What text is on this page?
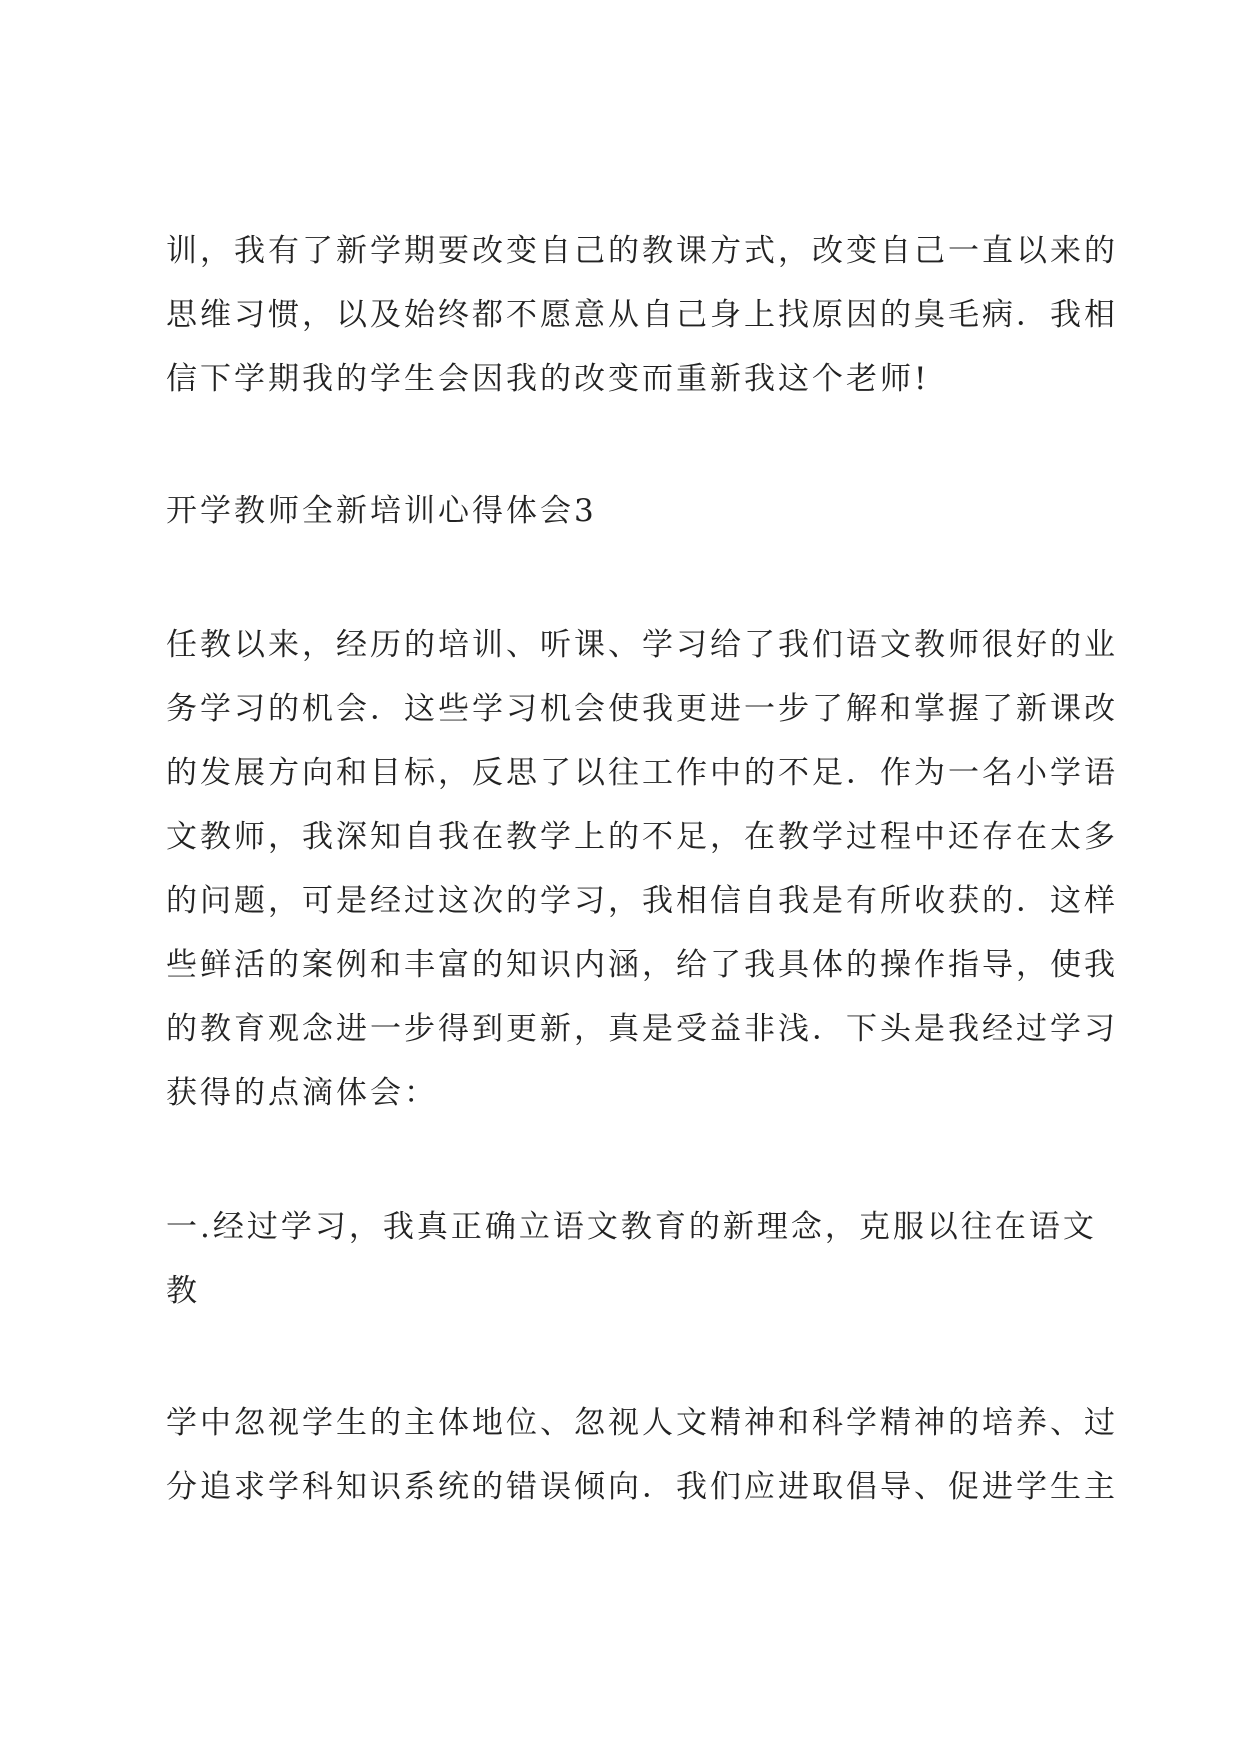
训，我有了新学期要改变自己的教课方式，改变自己一直以来的
思维习惯，以及始终都不愿意从自己身上找原因的臭毛病．我相
信下学期我的学生会因我的改变而重新我这个老师!
开学教师全新培训心得体会3
任教以来，经历的培训、听课、学习给了我们语文教师很好的业
务学习的机会．这些学习机会使我更进一步了解和掌握了新课改
的发展方向和目标，反思了以往工作中的不足．作为一名小学语
文教师，我深知自我在教学上的不足，在教学过程中还存在太多
的问题，可是经过这次的学习，我相信自我是有所收获的．这样
些鲜活的案例和丰富的知识内涵，给了我具体的操作指导，使我
的教育观念进一步得到更新，真是受益非浅．下头是我经过学习
获得的点滴体会：
一.经过学习，我真正确立语文教育的新理念，克服以往在语文
教
学中忽视学生的主体地位、忽视人文精神和科学精神的培养、过
分追求学科知识系统的错误倾向．我们应进取倡导、促进学生主
